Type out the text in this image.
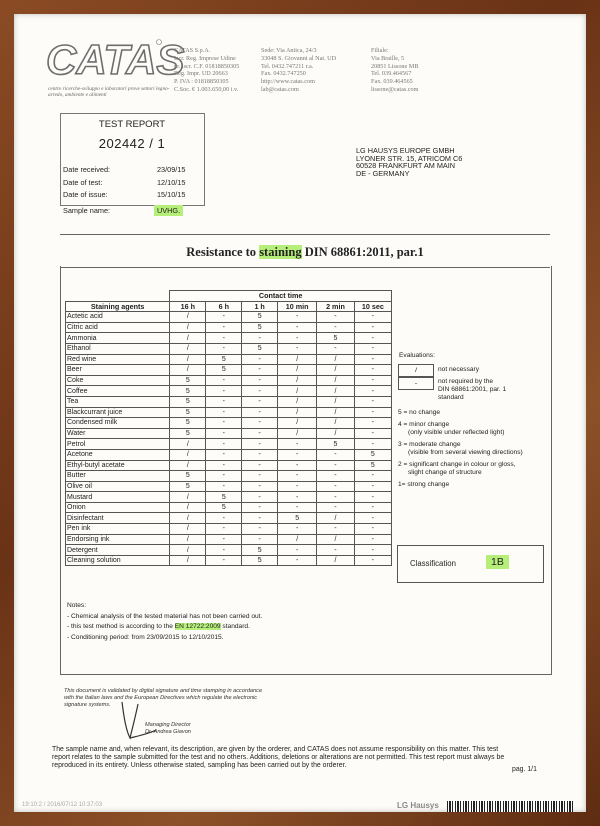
CATAS
centro ricerche-sviluppo e laboratori prove settori legno-arredo, ambiente e alimenti
CATAS S.p.A.
Iscr. Reg. Imprese Udine
nr. iscr. C.F. 01818850305
Reg. Impr. UD 20663
P. IVA : 01818850305
C.Soc. € 1.003.650,00 i.v.
Sede: Via Antica, 24/3
33048 S. Giovanni al Nat. UD
Tel. 0432.747211 r.a.
Fax. 0432.747250
http://www.catas.com
lab@catas.com
Filiale:
Via Braille, 5
20851 Lissone MB
Tel. 039.464567
Fax. 039.464565
lissone@catas.com
TEST REPORT
202442 / 1
Date received:	23/09/15
Date of test:	12/10/15
Date of issue:	15/10/15
Sample name:	UVHG.
LG HAUSYS EUROPE GMBH
LYONER STR. 15, ATRICOM C6
60528 FRANKFURT AM MAIN
DE - GERMANY
Resistance to staining DIN 68861:2011, par.1
	Contact time					
Staining agents	16 h	6 h	1 h	10 min	2 min	10 sec
Actetic acid	/	-	5	-	-	-
Citric acid	/	-	5	-	-	-
Ammonia	/	-	-	-	5	-
Ethanol	/	-	5	-	-	-
Red wine	/	5	-	/	/	-
Beer	/	5	-	/	/	-
Coke	5	-	-	/	/	-
Coffee	5	-	-	/	/	-
Tea	5	-	-	/	/	-
Blackcurrant juice	5	-	-	/	/	-
Condensed milk	5	-	-	/	/	-
Water	5	-	-	/	/	-
Petrol	/	-	-	-	5	-
Acetone	/	-	-	-	-	5
Ethyl-butyl acetate	/	-	-	-	-	5
Butter	5	-	-	-	-	-
Olive oil	5	-	-	-	-	-
Mustard	/	5	-	-	-	-
Onion	/	5	-	-	-	-
Disinfectant	/	-	-	5	/	-
Pen ink	/	-	-	-	-	-
Endorsing ink	/	-	-	/	/	-
Detergent	/	-	5	-	-	-
Cleaning solution	/	-	5	-	/	-
Evaluations:
/	not necessary
-	not required by the
DIN 68861:2001, par. 1
standard
5 = no change
4 = minor change
(only visible under reflected light)
3 = moderate change
(visible from several viewing directions)
2 = significant change in colour or gloss,
slight change of structure
1= strong change
Classification	1B
Notes:
- Chemical analysis of the tested material has not been carried out.
- this test method is according to the EN 12722:2009 standard.
- Conditioning period: from 23/09/2015 to 12/10/2015.
This document is validated by digital signature and time stamping in accordance
with the Italian laws and the European Directives which regulate the electronic
signature systems.
Managing Director
Dr. Andrea Giavon
The sample name and, when relevant, its description, are given by the orderer, and CATAS does not assume responsibility on this matter. This test
report relates to the sample submitted for the test and no others. Additions, deletions or alterations are not permitted. This test report must always be
reproduced in its entirety. Unless otherwise stated, sampling has been carried out by the orderer.
pag. 1/1
19:10:2 / 2016/07/12 10:37:03	LG Hausys
